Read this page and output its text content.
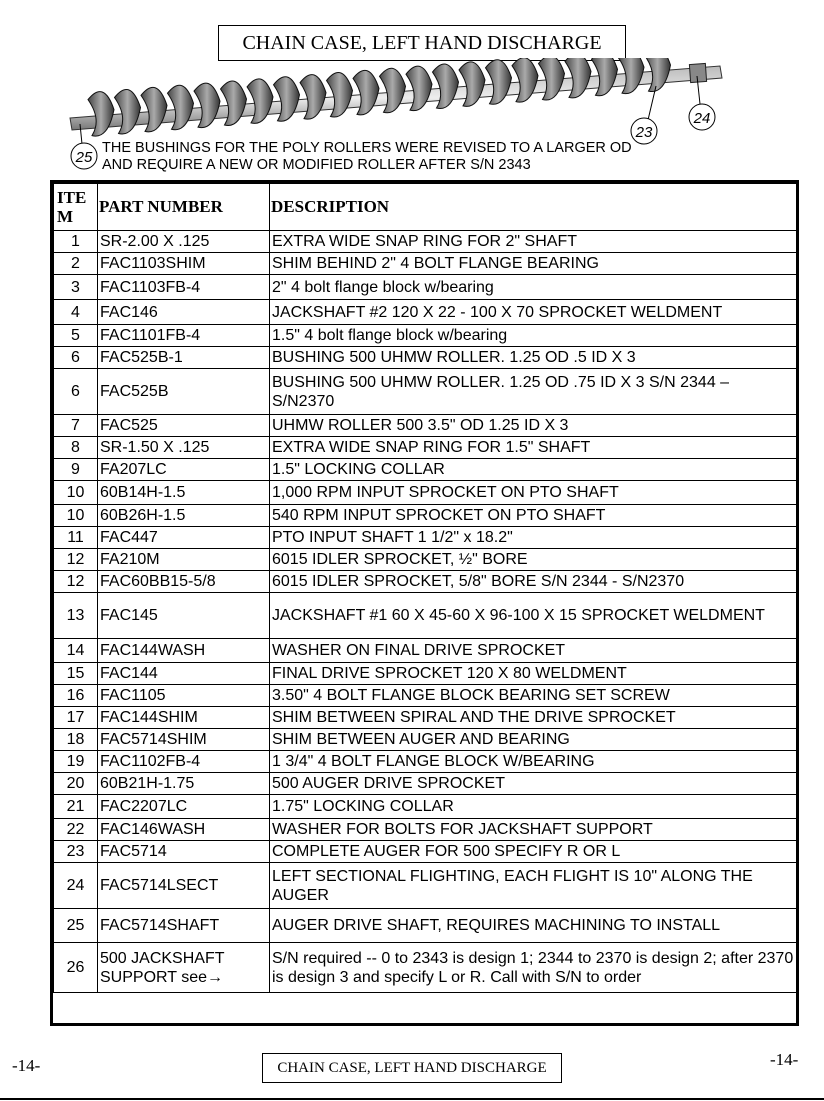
CHAIN CASE, LEFT HAND DISCHARGE
23
24
25
THE BUSHINGS FOR THE POLY ROLLERS WERE REVISED TO A LARGER OD
AND REQUIRE A NEW OR MODIFIED ROLLER AFTER S/N 2343
ITEM	PART NUMBER	DESCRIPTION
1	SR-2.00 X .125	EXTRA WIDE SNAP RING FOR 2" SHAFT
2	FAC1103SHIM	SHIM BEHIND 2" 4 BOLT FLANGE BEARING
3	FAC1103FB-4	2" 4 bolt flange block w/bearing
4	FAC146	JACKSHAFT #2 120 X 22 - 100 X 70 SPROCKET WELDMENT
5	FAC1101FB-4	1.5" 4 bolt flange block w/bearing
6	FAC525B-1	BUSHING 500 UHMW ROLLER. 1.25 OD .5 ID X 3
6	FAC525B	BUSHING 500 UHMW ROLLER. 1.25 OD .75 ID X 3 S/N 2344 – S/N2370
7	FAC525	UHMW ROLLER 500 3.5" OD 1.25 ID X 3
8	SR-1.50 X .125	EXTRA WIDE SNAP RING FOR 1.5" SHAFT
9	FA207LC	1.5" LOCKING COLLAR
10	60B14H-1.5	1,000 RPM INPUT SPROCKET ON PTO SHAFT
10	60B26H-1.5	540 RPM INPUT SPROCKET ON PTO SHAFT
11	FAC447	PTO INPUT SHAFT 1 1/2" x 18.2"
12	FA210M	6015 IDLER SPROCKET, ½" BORE
12	FAC60BB15-5/8	6015 IDLER SPROCKET, 5/8" BORE S/N 2344 - S/N2370
13	FAC145	JACKSHAFT #1 60 X 45-60 X 96-100 X 15 SPROCKET WELDMENT
14	FAC144WASH	WASHER ON FINAL DRIVE SPROCKET
15	FAC144	FINAL DRIVE SPROCKET 120 X 80 WELDMENT
16	FAC1105	3.50" 4 BOLT FLANGE BLOCK BEARING SET SCREW
17	FAC144SHIM	SHIM BETWEEN SPIRAL AND THE DRIVE SPROCKET
18	FAC5714SHIM	SHIM BETWEEN AUGER AND BEARING
19	FAC1102FB-4	1 3/4" 4 BOLT FLANGE BLOCK W/BEARING
20	60B21H-1.75	500 AUGER DRIVE SPROCKET
21	FAC2207LC	1.75" LOCKING COLLAR
22	FAC146WASH	WASHER FOR BOLTS FOR JACKSHAFT SUPPORT
23	FAC5714	COMPLETE AUGER FOR 500 SPECIFY R OR L
24	FAC5714LSECT	LEFT SECTIONAL FLIGHTING, EACH FLIGHT IS 10" ALONG THE AUGER
25	FAC5714SHAFT	AUGER DRIVE SHAFT, REQUIRES MACHINING TO INSTALL
26	500 JACKSHAFT SUPPORT see→	S/N required -- 0 to 2343 is design 1; 2344 to 2370 is design 2; after 2370 is design 3 and specify L or R. Call with S/N to order
-14-	CHAIN CASE, LEFT HAND DISCHARGE	-14-
